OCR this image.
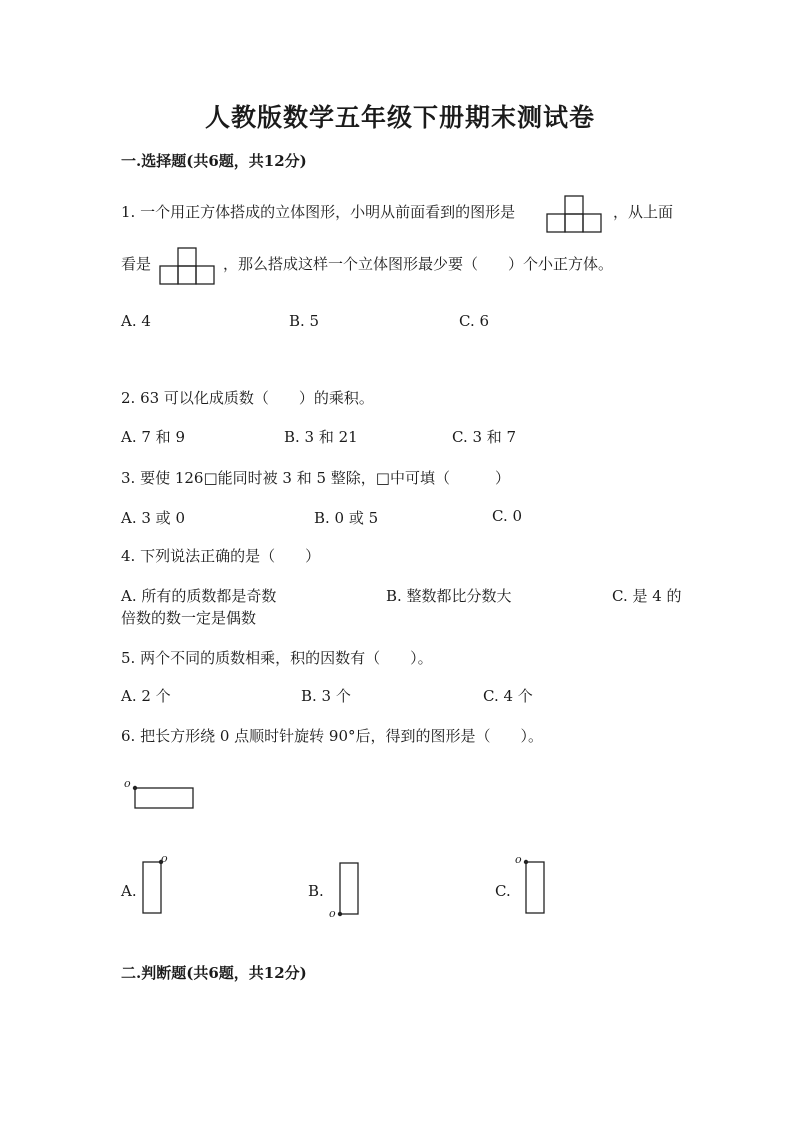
人教版数学五年级下册期末测试卷
一.选择题(共6题，共12分)
1. 一个用正方体搭成的立体图形，小明从前面看到的图形是	，从上面
看是	，那么搭成这样一个立体图形最少要（　　）个小正方体。
A. 4	B. 5	C. 6
2. 63 可以化成质数（　　）的乘积。
A. 7 和 9	B. 3 和 21	C. 3 和 7
3. 要使 126□能同时被 3 和 5 整除，□中可填（　　　）
A. 3 或 0	B. 0 或 5	C. 0
4. 下列说法正确的是（　　）
A. 所有的质数都是奇数	B. 整数都比分数大	C. 是 4 的
倍数的数一定是偶数
5. 两个不同的质数相乘，积的因数有（　　）。
A. 2 个	B. 3 个	C. 4 个
6. 把长方形绕 0 点顺时针旋转 90°后，得到的图形是（　　）。
o
A.
o
B.
o
C.
o
二.判断题(共6题，共12分)
